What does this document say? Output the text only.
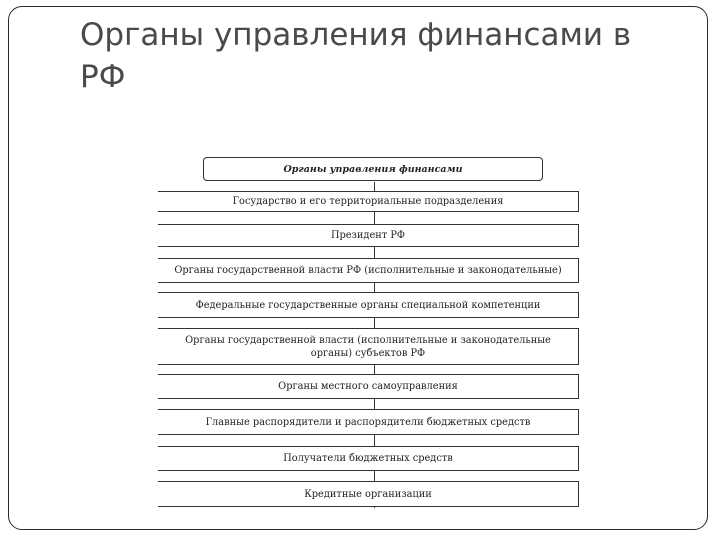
Органы управления финансами в РФ
Органы управления финансами
Государство и его территориальные подразделения
Президент РФ
Органы государственной власти РФ (исполнительные и законодательные)
Федеральные государственные органы специальной компетенции
Органы государственной власти (исполнительные и законодательные органы) субъектов РФ
Органы местного самоуправления
Главные распорядители и распорядители бюджетных средств
Получатели бюджетных средств
Кредитные организации
